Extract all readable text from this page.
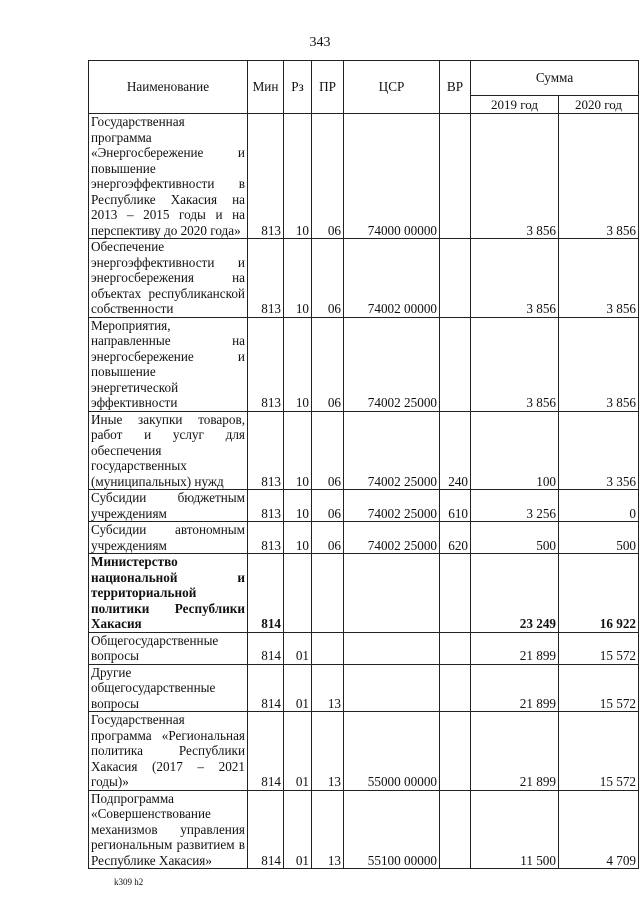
343
Наименование	Мин	Рз	ПР	ЦСР	ВР	Сумма	
						2019 год	2020 год
Государственная программа «Энергосбережение и повышение энергоэффективности в Республике Хакасия на 2013 – 2015 годы и на перспективу до 2020 года»	813	10	06	74000 00000		3 856	3 856
Обеспечение энергоэффективности и энергосбережения на объектах республиканской собственности	813	10	06	74002 00000		3 856	3 856
Мероприятия, направленные на энергосбережение и повышение энергетической эффективности	813	10	06	74002 25000		3 856	3 856
Иные закупки товаров, работ и услуг для обеспечения государственных (муниципальных) нужд	813	10	06	74002 25000	240	100	3 356
Субсидии бюджетным учреждениям	813	10	06	74002 25000	610	3 256	0
Субсидии автономным учреждениям	813	10	06	74002 25000	620	500	500
Министерство национальной и территориальной политики Республики Хакасия	814					23 249	16 922
Общегосударственные вопросы	814	01				21 899	15 572
Другие общегосударственные вопросы	814	01	13			21 899	15 572
Государственная программа «Региональная политика Республики Хакасия (2017 – 2021 годы)»	814	01	13	55000 00000		21 899	15 572
Подпрограмма «Совершенствование механизмов управления региональным развитием в Республике Хакасия»	814	01	13	55100 00000		11 500	4 709
k309 h2
